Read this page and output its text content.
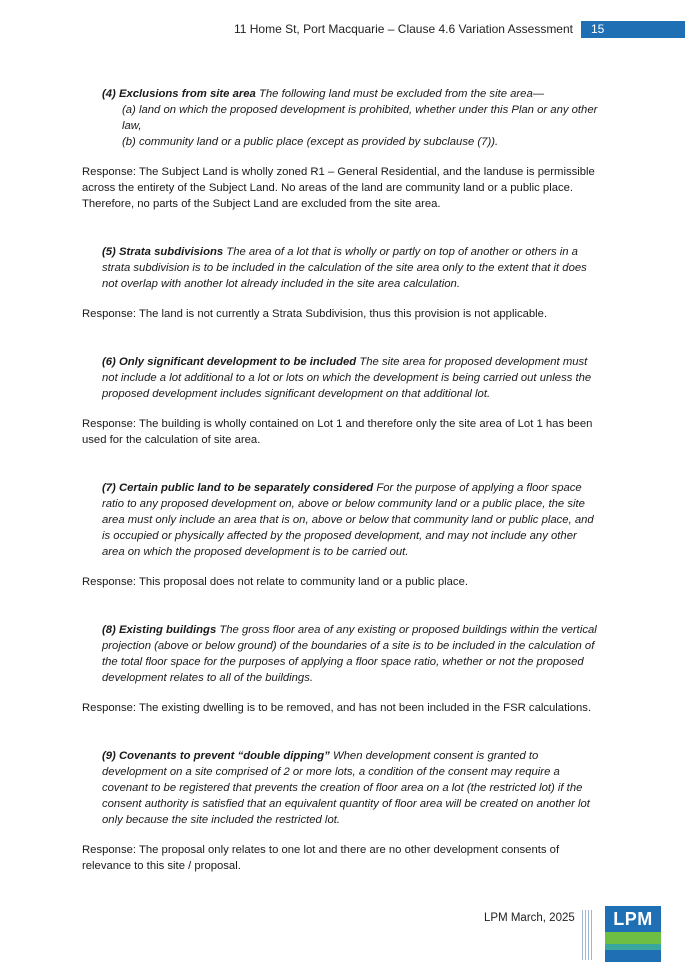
11 Home St, Port Macquarie – Clause 4.6 Variation Assessment	15
(4) Exclusions from site area The following land must be excluded from the site area—
(a) land on which the proposed development is prohibited, whether under this Plan or any other law,
(b) community land or a public place (except as provided by subclause (7)).
Response: The Subject Land is wholly zoned R1 – General Residential, and the landuse is permissible across the entirety of the Subject Land. No areas of the land are community land or a public place. Therefore, no parts of the Subject Land are excluded from the site area.
(5) Strata subdivisions The area of a lot that is wholly or partly on top of another or others in a strata subdivision is to be included in the calculation of the site area only to the extent that it does not overlap with another lot already included in the site area calculation.
Response: The land is not currently a Strata Subdivision, thus this provision is not applicable.
(6) Only significant development to be included The site area for proposed development must not include a lot additional to a lot or lots on which the development is being carried out unless the proposed development includes significant development on that additional lot.
Response: The building is wholly contained on Lot 1 and therefore only the site area of Lot 1 has been used for the calculation of site area.
(7) Certain public land to be separately considered For the purpose of applying a floor space ratio to any proposed development on, above or below community land or a public place, the site area must only include an area that is on, above or below that community land or public place, and is occupied or physically affected by the proposed development, and may not include any other area on which the proposed development is to be carried out.
Response: This proposal does not relate to community land or a public place.
(8) Existing buildings The gross floor area of any existing or proposed buildings within the vertical projection (above or below ground) of the boundaries of a site is to be included in the calculation of the total floor space for the purposes of applying a floor space ratio, whether or not the proposed development relates to all of the buildings.
Response: The existing dwelling is to be removed, and has not been included in the FSR calculations.
(9) Covenants to prevent “double dipping” When development consent is granted to development on a site comprised of 2 or more lots, a condition of the consent may require a covenant to be registered that prevents the creation of floor area on a lot (the restricted lot) if the consent authority is satisfied that an equivalent quantity of floor area will be created on another lot only because the site included the restricted lot.
Response: The proposal only relates to one lot and there are no other development consents of relevance to this site / proposal.
LPM March, 2025	LPM
